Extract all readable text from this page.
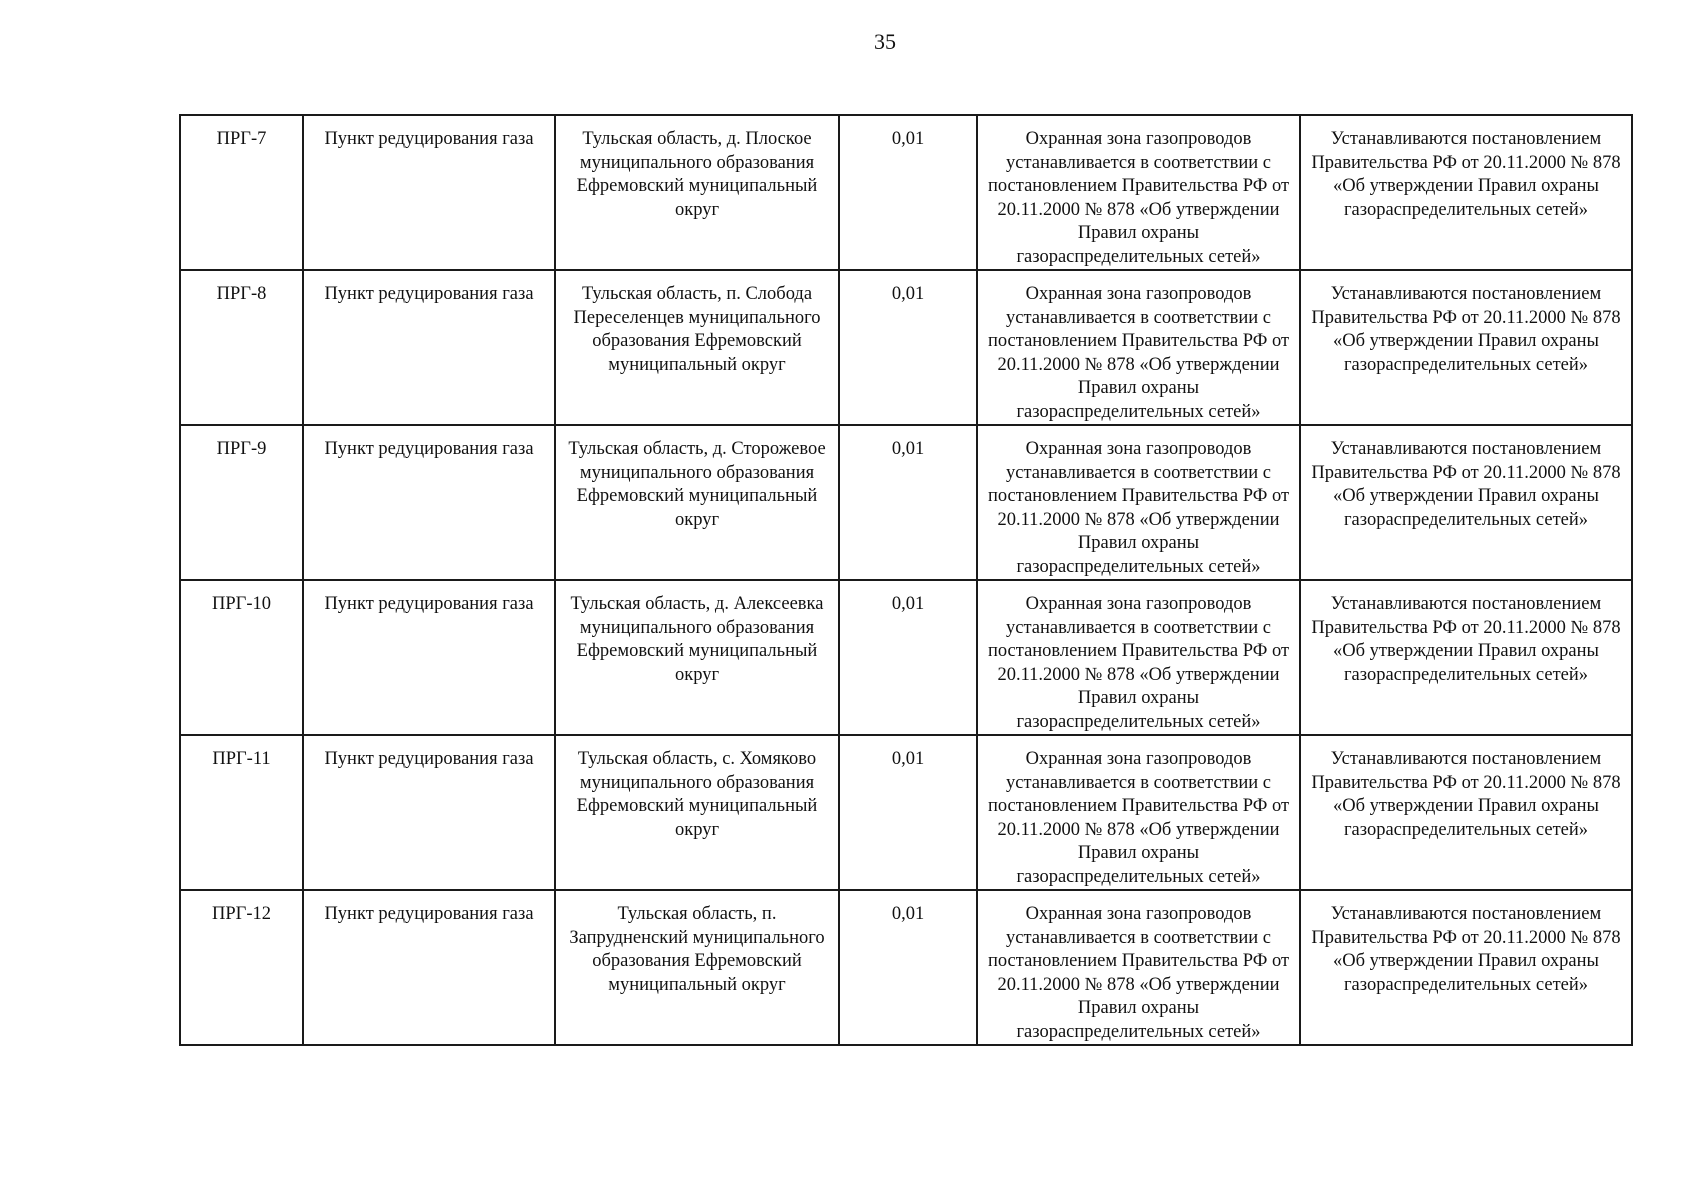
35
ПРГ-7	Пункт редуцирования газа	Тульская область, д. Плоское муниципального образования Ефремовский муниципальный округ	0,01	Охранная зона газопроводов устанавливается в соответствии с постановлением Правительства РФ от 20.11.2000 № 878 «Об утверждении Правил охраны газораспределительных сетей»	Устанавливаются постановлением Правительства РФ от 20.11.2000 № 878 «Об утверждении Правил охраны газораспределительных сетей»
ПРГ-8	Пункт редуцирования газа	Тульская область, п. Слобода Переселенцев муниципального образования Ефремовский муниципальный округ	0,01	Охранная зона газопроводов устанавливается в соответствии с постановлением Правительства РФ от 20.11.2000 № 878 «Об утверждении Правил охраны газораспределительных сетей»	Устанавливаются постановлением Правительства РФ от 20.11.2000 № 878 «Об утверждении Правил охраны газораспределительных сетей»
ПРГ-9	Пункт редуцирования газа	Тульская область, д. Сторожевое муниципального образования Ефремовский муниципальный округ	0,01	Охранная зона газопроводов устанавливается в соответствии с постановлением Правительства РФ от 20.11.2000 № 878 «Об утверждении Правил охраны газораспределительных сетей»	Устанавливаются постановлением Правительства РФ от 20.11.2000 № 878 «Об утверждении Правил охраны газораспределительных сетей»
ПРГ-10	Пункт редуцирования газа	Тульская область, д. Алексеевка муниципального образования Ефремовский муниципальный округ	0,01	Охранная зона газопроводов устанавливается в соответствии с постановлением Правительства РФ от 20.11.2000 № 878 «Об утверждении Правил охраны газораспределительных сетей»	Устанавливаются постановлением Правительства РФ от 20.11.2000 № 878 «Об утверждении Правил охраны газораспределительных сетей»
ПРГ-11	Пункт редуцирования газа	Тульская область, с. Хомяково муниципального образования Ефремовский муниципальный округ	0,01	Охранная зона газопроводов устанавливается в соответствии с постановлением Правительства РФ от 20.11.2000 № 878 «Об утверждении Правил охраны газораспределительных сетей»	Устанавливаются постановлением Правительства РФ от 20.11.2000 № 878 «Об утверждении Правил охраны газораспределительных сетей»
ПРГ-12	Пункт редуцирования газа	Тульская область, п. Запрудненский муниципального образования Ефремовский муниципальный округ	0,01	Охранная зона газопроводов устанавливается в соответствии с постановлением Правительства РФ от 20.11.2000 № 878 «Об утверждении Правил охраны газораспределительных сетей»	Устанавливаются постановлением Правительства РФ от 20.11.2000 № 878 «Об утверждении Правил охраны газораспределительных сетей»
